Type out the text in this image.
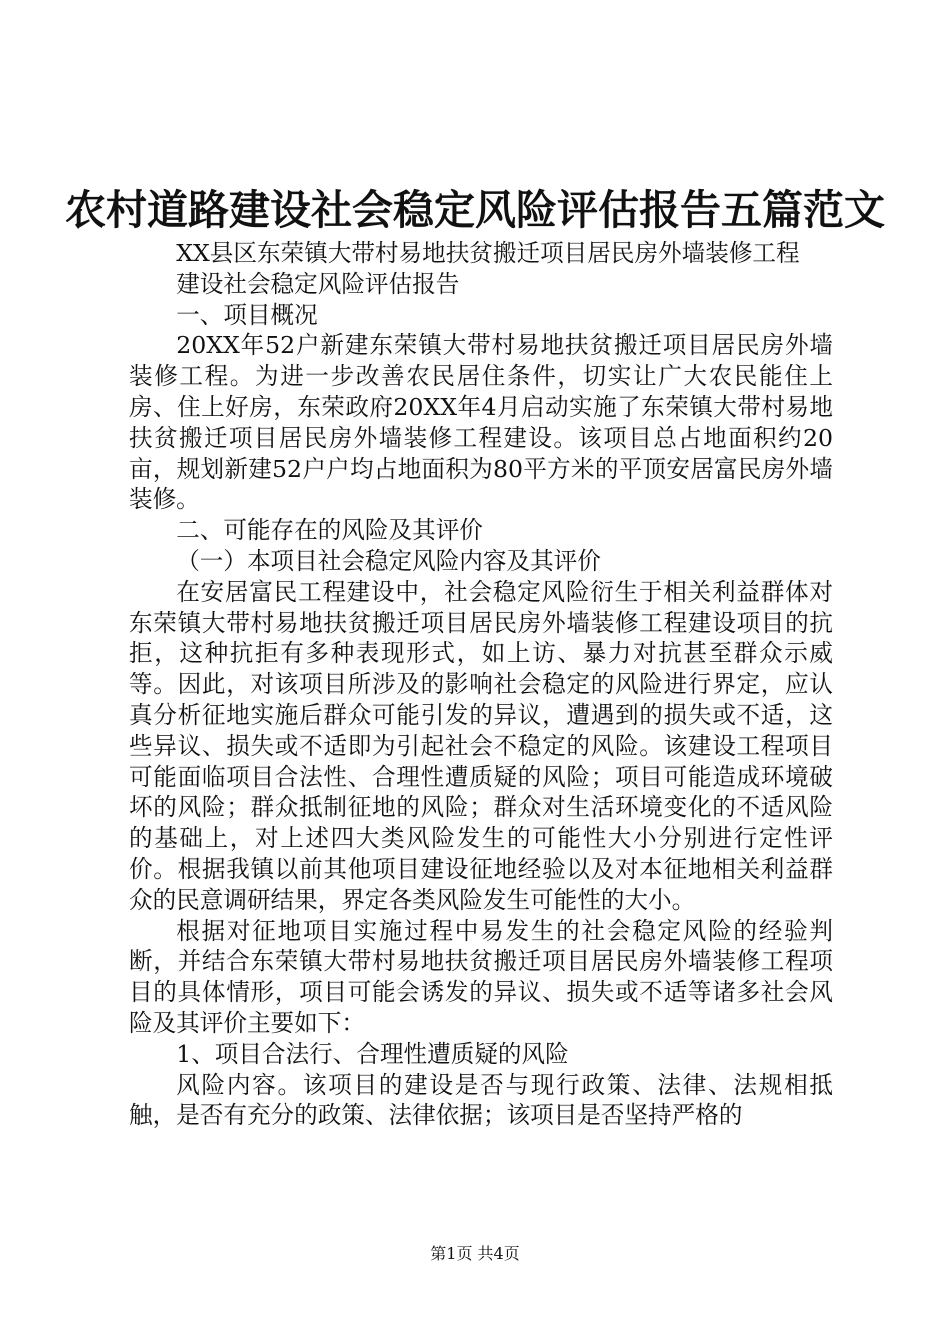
农村道路建设社会稳定风险评估报告五篇范文

XX县区东荣镇大带村易地扶贫搬迁项目居民房外墙装修工程

建设社会稳定风险评估报告

一、项目概况

20XX年52户新建东荣镇大带村易地扶贫搬迁项目居民房外墙装修工程。为进一步改善农民居住条件，切实让广大农民能住上房、住上好房，东荣政府20XX年4月启动实施了东荣镇大带村易地扶贫搬迁项目居民房外墙装修工程建设。该项目总占地面积约20亩，规划新建52户户均占地面积为80平方米的平顶安居富民房外墙装修。

二、可能存在的风险及其评价

（一）本项目社会稳定风险内容及其评价

在安居富民工程建设中，社会稳定风险衍生于相关利益群体对东荣镇大带村易地扶贫搬迁项目居民房外墙装修工程建设项目的抗拒，这种抗拒有多种表现形式，如上访、暴力对抗甚至群众示威等。因此，对该项目所涉及的影响社会稳定的风险进行界定，应认真分析征地实施后群众可能引发的异议，遭遇到的损失或不适，这些异议、损失或不适即为引起社会不稳定的风险。该建设工程项目可能面临项目合法性、合理性遭质疑的风险；项目可能造成环境破坏的风险；群众抵制征地的风险；群众对生活环境变化的不适风险的基础上，对上述四大类风险发生的可能性大小分别进行定性评价。根据我镇以前其他项目建设征地经验以及对本征地相关利益群众的民意调研结果，界定各类风险发生可能性的大小。

根据对征地项目实施过程中易发生的社会稳定风险的经验判断，并结合东荣镇大带村易地扶贫搬迁项目居民房外墙装修工程项目的具体情形，项目可能会诱发的异议、损失或不适等诸多社会风险及其评价主要如下：

1、项目合法行、合理性遭质疑的风险

风险内容。该项目的建设是否与现行政策、法律、法规相抵触，是否有充分的政策、法律依据；该项目是否坚持严格的

第1页 共4页
